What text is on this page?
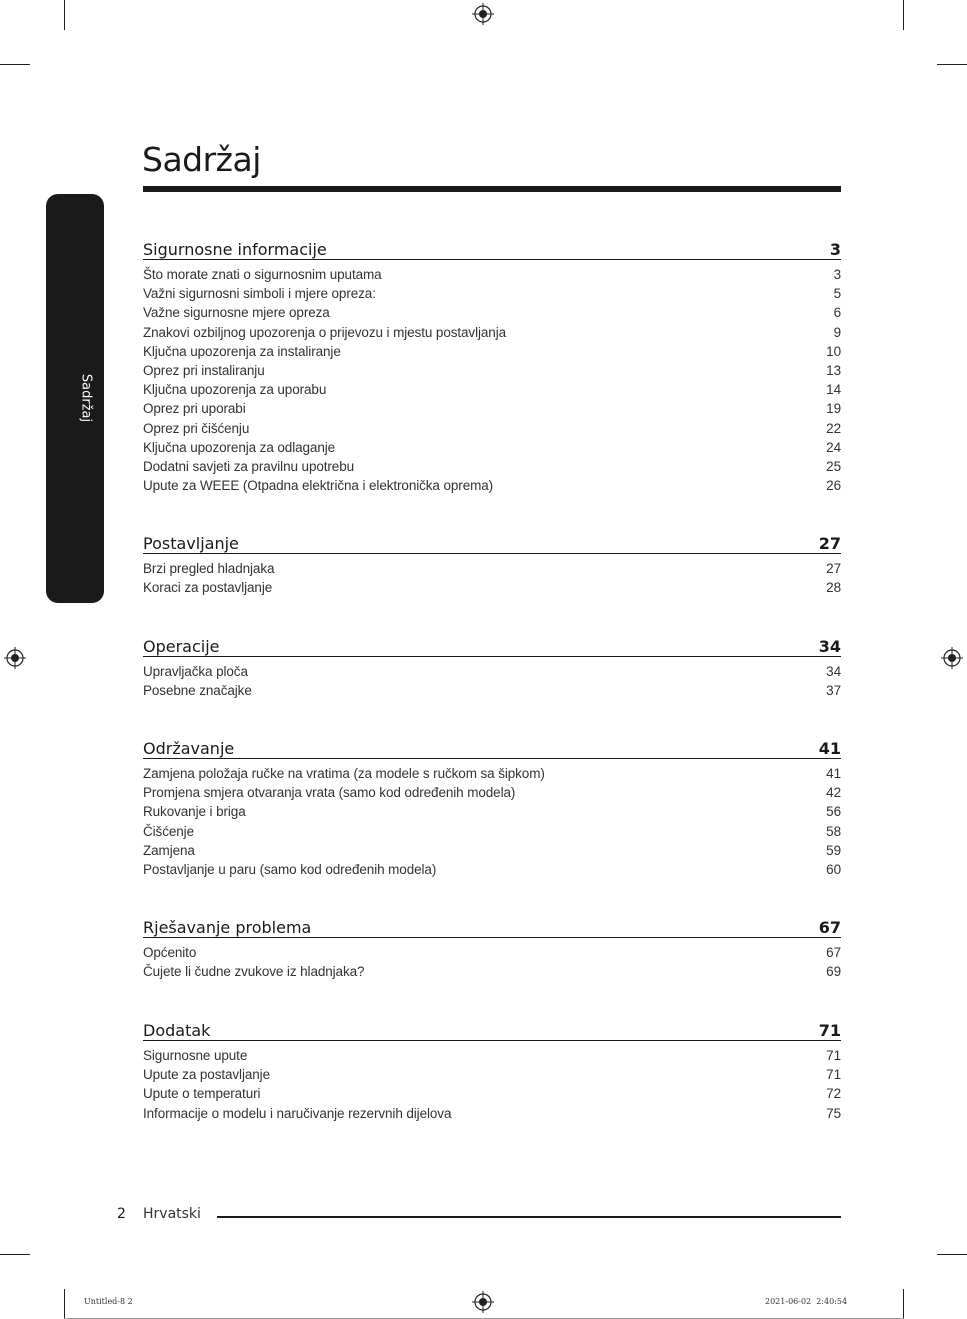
Sadržaj
Sadržaj
Sigurnosne informacije	3
Što morate znati o sigurnosnim uputama	3
Važni sigurnosni simboli i mjere opreza:	5
Važne sigurnosne mjere opreza	6
Znakovi ozbiljnog upozorenja o prijevozu i mjestu postavljanja	9
Ključna upozorenja za instaliranje	10
Oprez pri instaliranju	13
Ključna upozorenja za uporabu	14
Oprez pri uporabi	19
Oprez pri čišćenju	22
Ključna upozorenja za odlaganje	24
Dodatni savjeti za pravilnu upotrebu	25
Upute za WEEE (Otpadna električna i elektronička oprema)	26
Postavljanje	27
Brzi pregled hladnjaka	27
Koraci za postavljanje	28
Operacije	34
Upravljačka ploča	34
Posebne značajke	37
Održavanje	41
Zamjena položaja ručke na vratima (za modele s ručkom sa šipkom)	41
Promjena smjera otvaranja vrata (samo kod određenih modela)	42
Rukovanje i briga	56
Čišćenje	58
Zamjena	59
Postavljanje u paru (samo kod određenih modela)	60
Rješavanje problema	67
Općenito	67
Čujete li čudne zvukove iz hladnjaka?	69
Dodatak	71
Sigurnosne upute	71
Upute za postavljanje	71
Upute o temperaturi	72
Informacije o modelu i naručivanje rezervnih dijelova	75
2 Hrvatski
Untitled-8 2	2021-06-02 ￼ 2:40:54
